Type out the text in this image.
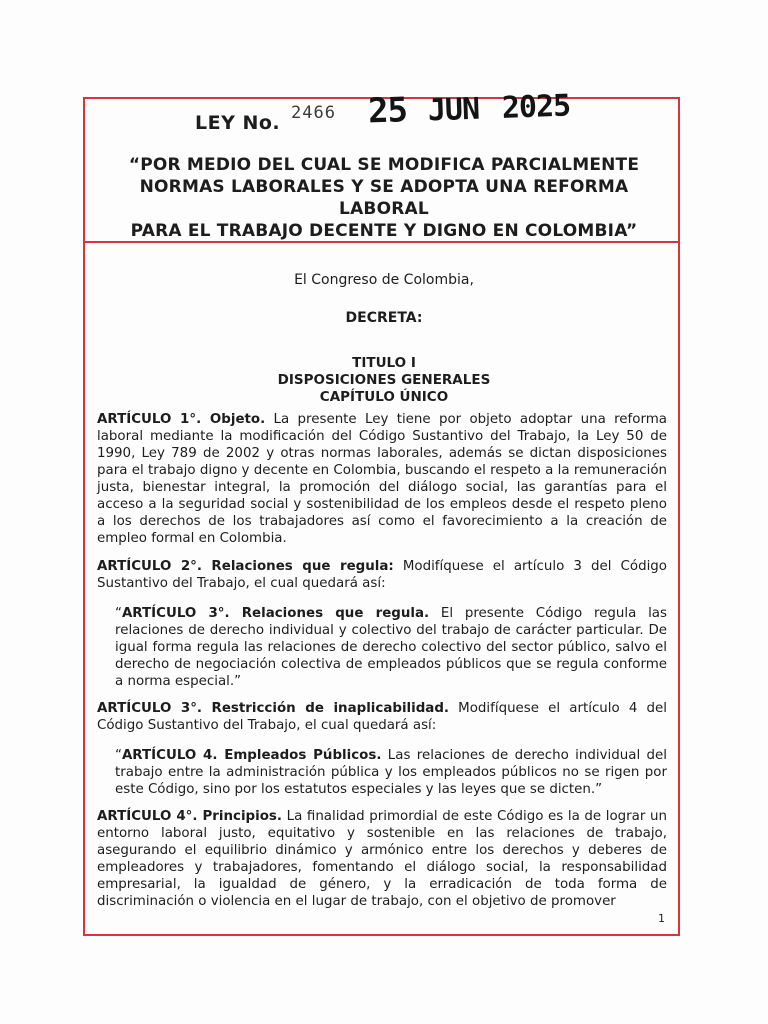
LEY No. 2466 25 JUN 2025
“POR MEDIO DEL CUAL SE MODIFICA PARCIALMENTE
NORMAS LABORALES Y SE ADOPTA UNA REFORMA LABORAL
PARA EL TRABAJO DECENTE Y DIGNO EN COLOMBIA”
El Congreso de Colombia,
DECRETA:
TITULO I
DISPOSICIONES GENERALES
CAPÍTULO ÚNICO
ARTÍCULO 1°. Objeto. La presente Ley tiene por objeto adoptar una reforma laboral mediante la modificación del Código Sustantivo del Trabajo, la Ley 50 de 1990, Ley 789 de 2002 y otras normas laborales, además se dictan disposiciones para el trabajo digno y decente en Colombia, buscando el respeto a la remuneración justa, bienestar integral, la promoción del diálogo social, las garantías para el acceso a la seguridad social y sostenibilidad de los empleos desde el respeto pleno a los derechos de los trabajadores así como el favorecimiento a la creación de empleo formal en Colombia.
ARTÍCULO 2°. Relaciones que regula: Modifíquese el artículo 3 del Código Sustantivo del Trabajo, el cual quedará así:
“ARTÍCULO 3°. Relaciones que regula. El presente Código regula las relaciones de derecho individual y colectivo del trabajo de carácter particular. De igual forma regula las relaciones de derecho colectivo del sector público, salvo el derecho de negociación colectiva de empleados públicos que se regula conforme a norma especial.”
ARTÍCULO 3°. Restricción de inaplicabilidad. Modifíquese el artículo 4 del Código Sustantivo del Trabajo, el cual quedará así:
“ARTÍCULO 4. Empleados Públicos. Las relaciones de derecho individual del trabajo entre la administración pública y los empleados públicos no se rigen por este Código, sino por los estatutos especiales y las leyes que se dicten.”
ARTÍCULO 4°. Principios. La finalidad primordial de este Código es la de lograr un entorno laboral justo, equitativo y sostenible en las relaciones de trabajo, asegurando el equilibrio dinámico y armónico entre los derechos y deberes de empleadores y trabajadores, fomentando el diálogo social, la responsabilidad empresarial, la igualdad de género, y la erradicación de toda forma de discriminación o violencia en el lugar de trabajo, con el objetivo de promover
1
